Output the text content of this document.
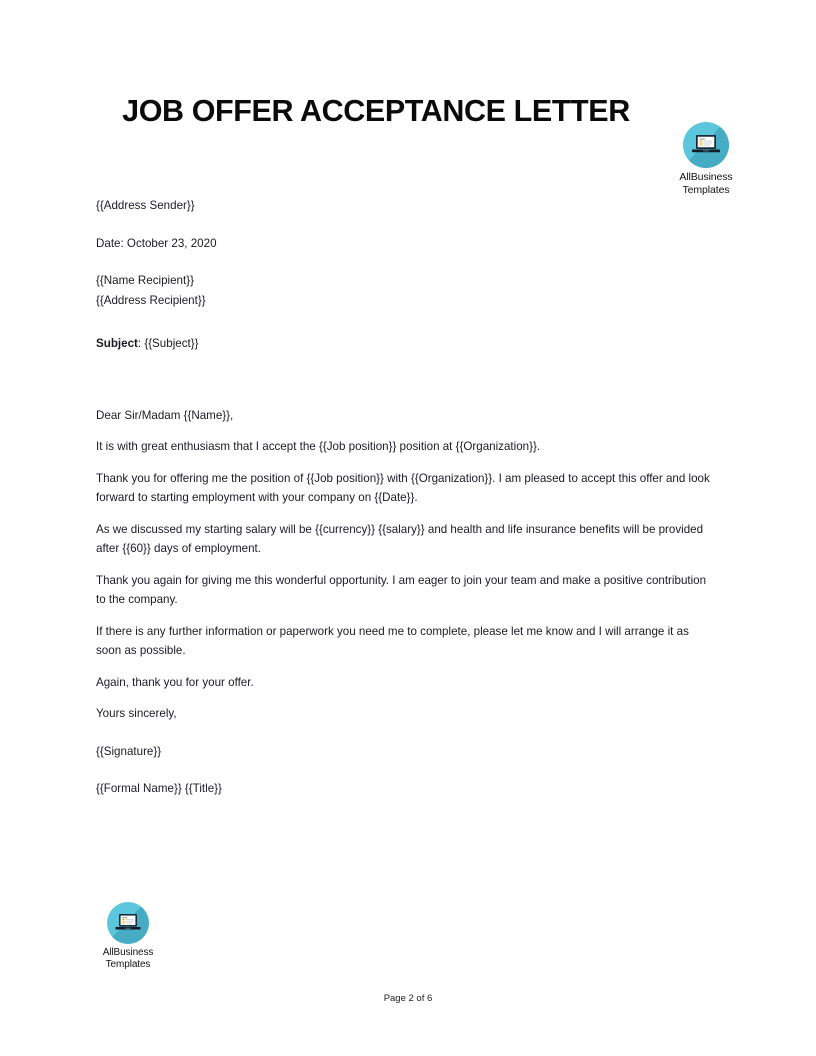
JOB OFFER ACCEPTANCE LETTER
AllBusiness
Templates

{{Address Sender}}

Date: October 23, 2020

{{Name Recipient}}

{{Address Recipient}}

Subject: {{Subject}}

Dear Sir/Madam {{Name}},

It is with great enthusiasm that I accept the {{Job position}} position at {{Organization}}.

Thank you for offering me the position of {{Job position}} with {{Organization}}. I am pleased to accept this offer and look forward to starting employment with your company on {{Date}}.

As we discussed my starting salary will be {{currency}} {{salary}} and health and life insurance benefits will be provided after {{60}} days of employment.

Thank you again for giving me this wonderful opportunity. I am eager to join your team and make a positive contribution to the company.

If there is any further information or paperwork you need me to complete, please let me know and I will arrange it as soon as possible.

Again, thank you for your offer.

Yours sincerely,

{{Signature}}

{{Formal Name}} {{Title}}

AllBusiness
Templates
Page 2 of 6
